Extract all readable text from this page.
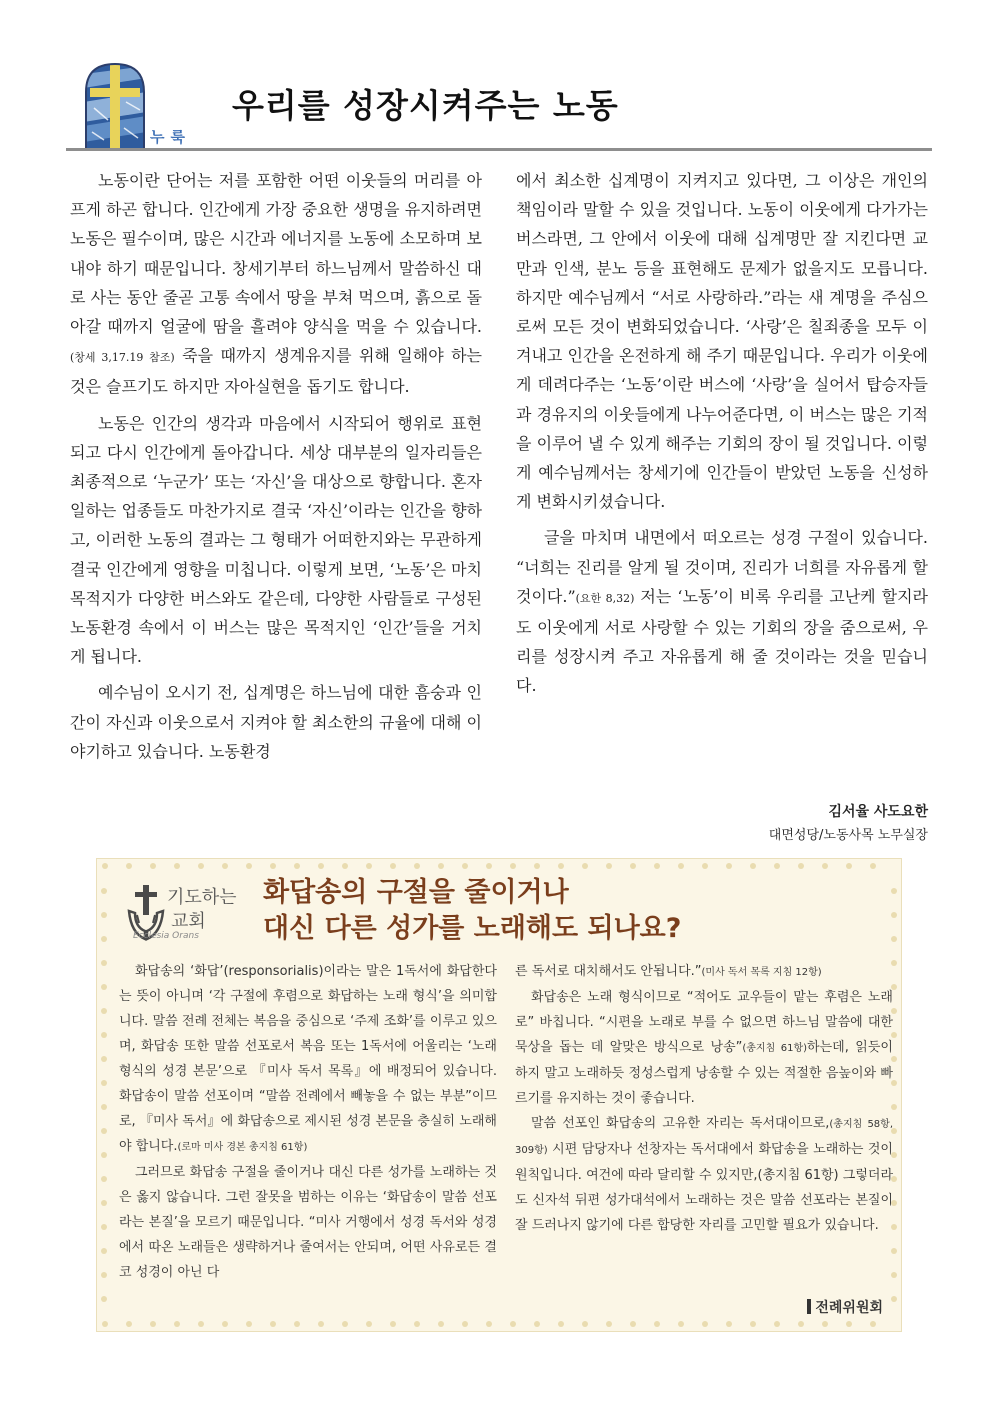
누룩
우리를 성장시켜주는 노동

노동이란 단어는 저를 포함한 어떤 이웃들의 머리를 아프게 하곤 합니다. 인간에게 가장 중요한 생명을 유지하려면 노동은 필수이며, 많은 시간과 에너지를 노동에 소모하며 보내야 하기 때문입니다. 창세기부터 하느님께서 말씀하신 대로 사는 동안 줄곧 고통 속에서 땅을 부쳐 먹으며, 흙으로 돌아갈 때까지 얼굴에 땀을 흘려야 양식을 먹을 수 있습니다.(창세 3,17.19 참조) 죽을 때까지 생계유지를 위해 일해야 하는 것은 슬프기도 하지만 자아실현을 돕기도 합니다.

노동은 인간의 생각과 마음에서 시작되어 행위로 표현되고 다시 인간에게 돌아갑니다. 세상 대부분의 일자리들은 최종적으로 ‘누군가’ 또는 ‘자신’을 대상으로 향합니다. 혼자 일하는 업종들도 마찬가지로 결국 ‘자신’이라는 인간을 향하고, 이러한 노동의 결과는 그 형태가 어떠한지와는 무관하게 결국 인간에게 영향을 미칩니다. 이렇게 보면, ‘노동’은 마치 목적지가 다양한 버스와도 같은데, 다양한 사람들로 구성된 노동환경 속에서 이 버스는 많은 목적지인 ‘인간’들을 거치게 됩니다.

예수님이 오시기 전, 십계명은 하느님에 대한 흠숭과 인간이 자신과 이웃으로서 지켜야 할 최소한의 규율에 대해 이야기하고 있습니다. 노동환경

에서 최소한 십계명이 지켜지고 있다면, 그 이상은 개인의 책임이라 말할 수 있을 것입니다. 노동이 이웃에게 다가가는 버스라면, 그 안에서 이웃에 대해 십계명만 잘 지킨다면 교만과 인색, 분노 등을 표현해도 문제가 없을지도 모릅니다. 하지만 예수님께서 “서로 사랑하라.”라는 새 계명을 주심으로써 모든 것이 변화되었습니다. ‘사랑’은 칠죄종을 모두 이겨내고 인간을 온전하게 해 주기 때문입니다. 우리가 이웃에게 데려다주는 ‘노동’이란 버스에 ‘사랑’을 실어서 탑승자들과 경유지의 이웃들에게 나누어준다면, 이 버스는 많은 기적을 이루어 낼 수 있게 해주는 기회의 장이 될 것입니다. 이렇게 예수님께서는 창세기에 인간들이 받았던 노동을 신성하게 변화시키셨습니다.

글을 마치며 내면에서 떠오르는 성경 구절이 있습니다. “너희는 진리를 알게 될 것이며, 진리가 너희를 자유롭게 할 것이다.”(요한 8,32) 저는 ‘노동’이 비록 우리를 고난케 할지라도 이웃에게 서로 사랑할 수 있는 기회의 장을 줌으로써, 우리를 성장시켜 주고 자유롭게 해 줄 것이라는 것을 믿습니다.

김서율 사도요한
대면성당/노동사목 노무실장
기도하는
교회
Ecclesia Orans
화답송의 구절을 줄이거나
대신 다른 성가를 노래해도 되나요?

화답송의 ‘화답’(responsorialis)이라는 말은 1독서에 화답한다는 뜻이 아니며 ‘각 구절에 후렴으로 화답하는 노래 형식’을 의미합니다. 말씀 전례 전체는 복음을 중심으로 ‘주제 조화’를 이루고 있으며, 화답송 또한 말씀 선포로서 복음 또는 1독서에 어울리는 ‘노래 형식의 성경 본문’으로 『미사 독서 목록』에 배정되어 있습니다. 화답송이 말씀 선포이며 “말씀 전례에서 빼놓을 수 없는 부분”이므로, 『미사 독서』에 화답송으로 제시된 성경 본문을 충실히 노래해야 합니다.(로마 미사 경본 총지침 61항)

그러므로 화답송 구절을 줄이거나 대신 다른 성가를 노래하는 것은 옳지 않습니다. 그런 잘못을 범하는 이유는 ‘화답송이 말씀 선포라는 본질’을 모르기 때문입니다. “미사 거행에서 성경 독서와 성경에서 따온 노래들은 생략하거나 줄여서는 안되며, 어떤 사유로든 결코 성경이 아닌 다

른 독서로 대치해서도 안됩니다.”(미사 독서 목록 지침 12항)

화답송은 노래 형식이므로 “적어도 교우들이 맡는 후렴은 노래로” 바칩니다. “시편을 노래로 부를 수 없으면 하느님 말씀에 대한 묵상을 돕는 데 알맞은 방식으로 낭송”(총지침 61항)하는데, 읽듯이 하지 말고 노래하듯 정성스럽게 낭송할 수 있는 적절한 음높이와 빠르기를 유지하는 것이 좋습니다.

말씀 선포인 화답송의 고유한 자리는 독서대이므로,(총지침 58항, 309항) 시편 담당자나 선창자는 독서대에서 화답송을 노래하는 것이 원칙입니다. 여건에 따라 달리할 수 있지만,(총지침 61항) 그렇더라도 신자석 뒤편 성가대석에서 노래하는 것은 말씀 선포라는 본질이 잘 드러나지 않기에 다른 합당한 자리를 고민할 필요가 있습니다.

전례위원회
